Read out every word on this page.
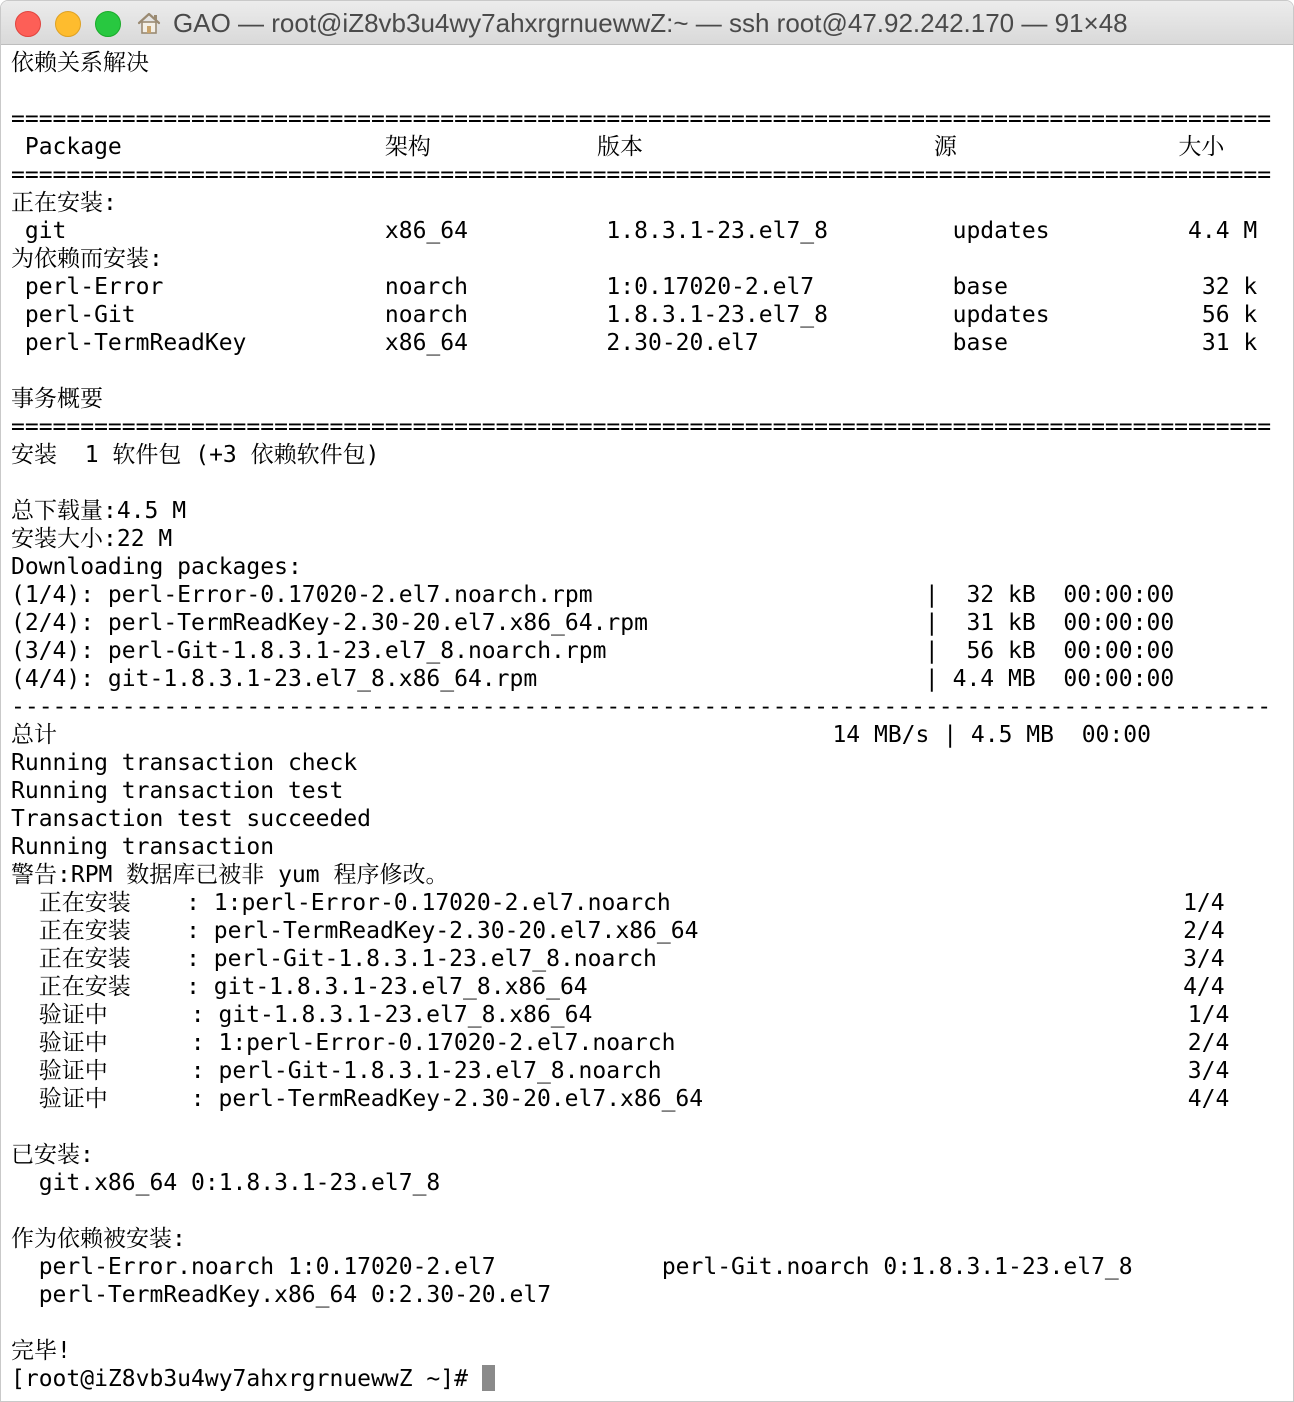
GAO — root@iZ8vb3u4wy7ahxrgrnuewwZ:~ — ssh root@47.92.242.170 — 91×48
依赖关系解决
===========================================================================================
Package                   架构            版本                     源                大小
===========================================================================================
正在安装:
git                       x86_64          1.8.3.1-23.el7_8         updates          4.4 M
为依赖而安装:
perl-Error                noarch          1:0.17020-2.el7          base              32 k
perl-Git                  noarch          1.8.3.1-23.el7_8         updates           56 k
perl-TermReadKey          x86_64          2.30-20.el7              base              31 k
事务概要
===========================================================================================
安装  1 软件包 (+3 依赖软件包)
总下载量:4.5 M
安装大小:22 M
Downloading packages:
(1/4): perl-Error-0.17020-2.el7.noarch.rpm                        |  32 kB  00:00:00
(2/4): perl-TermReadKey-2.30-20.el7.x86_64.rpm                    |  31 kB  00:00:00
(3/4): perl-Git-1.8.3.1-23.el7_8.noarch.rpm                       |  56 kB  00:00:00
(4/4): git-1.8.3.1-23.el7_8.x86_64.rpm                            | 4.4 MB  00:00:00
-------------------------------------------------------------------------------------------
总计                                                        14 MB/s | 4.5 MB  00:00
Running transaction check
Running transaction test
Transaction test succeeded
Running transaction
警告:RPM 数据库已被非 yum 程序修改。
正在安装    : 1:perl-Error-0.17020-2.el7.noarch                                     1/4
正在安装    : perl-TermReadKey-2.30-20.el7.x86_64                                   2/4
正在安装    : perl-Git-1.8.3.1-23.el7_8.noarch                                      3/4
正在安装    : git-1.8.3.1-23.el7_8.x86_64                                           4/4
验证中      : git-1.8.3.1-23.el7_8.x86_64                                           1/4
验证中      : 1:perl-Error-0.17020-2.el7.noarch                                     2/4
验证中      : perl-Git-1.8.3.1-23.el7_8.noarch                                      3/4
验证中      : perl-TermReadKey-2.30-20.el7.x86_64                                   4/4
已安装:
git.x86_64 0:1.8.3.1-23.el7_8
作为依赖被安装:
perl-Error.noarch 1:0.17020-2.el7            perl-Git.noarch 0:1.8.3.1-23.el7_8
perl-TermReadKey.x86_64 0:2.30-20.el7
完毕!
[root@iZ8vb3u4wy7ahxrgrnuewwZ ~]#
